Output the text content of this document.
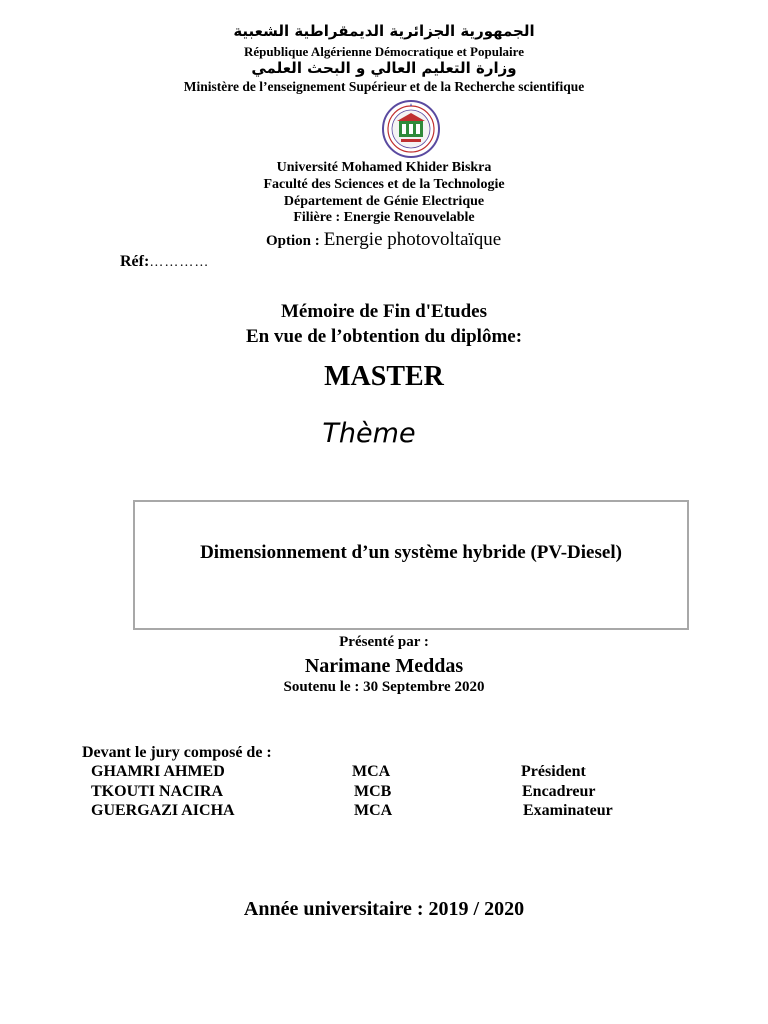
الجمهورية الجزائرية الديمقراطية الشعبية
République Algérienne Démocratique et Populaire
وزارة التعليم العالي و البحث العلمي
Ministère de l’enseignement Supérieur et de la Recherche scientifique
Université Mohamed Khider Biskra
Faculté des Sciences et de la Technologie
Département de Génie Electrique
Filière : Energie Renouvelable
Option : Energie photovoltaïque
Réf:…………
Mémoire de Fin d'Etudes
En vue de l’obtention du diplôme:
MASTER
Thème
Dimensionnement d’un système hybride (PV-Diesel)
Présenté par :
Narimane Meddas
Soutenu le : 30 Septembre 2020
Devant le jury composé de :
GHAMRI AHMED	MCA	Président
TKOUTI NACIRA	MCB	Encadreur
GUERGAZI AICHA	MCA	Examinateur
Année universitaire : 2019 / 2020
